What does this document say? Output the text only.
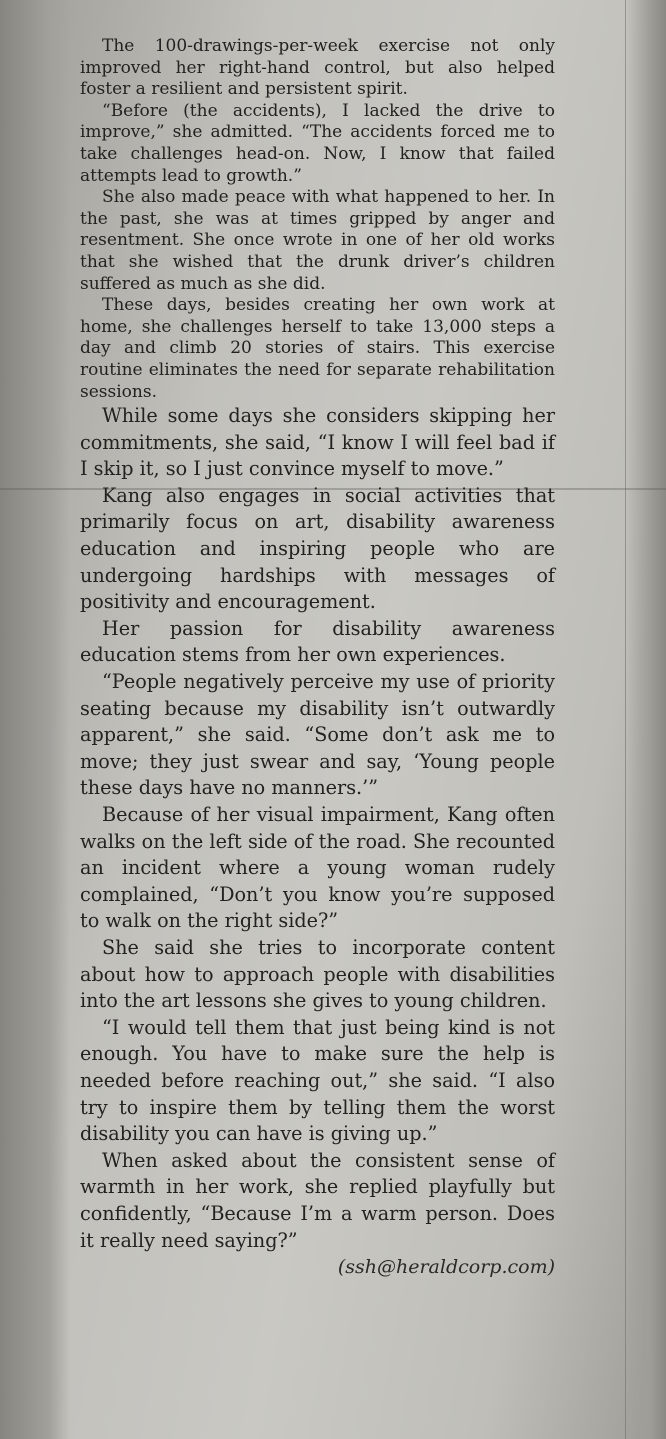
The 100-drawings-per-week exercise not only improved her right-hand control, but also helped foster a resilient and persistent spirit.

“Before (the accidents), I lacked the drive to improve,” she admitted. “The accidents forced me to take challenges head-on. Now, I know that failed attempts lead to growth.”

She also made peace with what happened to her. In the past, she was at times gripped by anger and resentment. She once wrote in one of her old works that she wished that the drunk driver’s children suffered as much as she did.

These days, besides creating her own work at home, she challenges herself to take 13,000 steps a day and climb 20 stories of stairs. This exercise routine eliminates the need for separate rehabilitation sessions.

While some days she considers skipping her commitments, she said, “I know I will feel bad if I skip it, so I just convince myself to move.”

Kang also engages in social activities that primarily focus on art, disability awareness education and inspiring people who are undergoing hardships with messages of positivity and encouragement.

Her passion for disability awareness education stems from her own experiences.

“People negatively perceive my use of priority seating because my disability isn’t outwardly apparent,” she said. “Some don’t ask me to move; they just swear and say, ‘Young people these days have no manners.’”

Because of her visual impairment, Kang often walks on the left side of the road. She recounted an incident where a young woman rudely complained, “Don’t you know you’re supposed to walk on the right side?”

She said she tries to incorporate content about how to approach people with disabilities into the art lessons she gives to young children.

“I would tell them that just being kind is not enough. You have to make sure the help is needed before reaching out,” she said. “I also try to inspire them by telling them the worst disability you can have is giving up.”

When asked about the consistent sense of warmth in her work, she replied playfully but confidently, “Because I’m a warm person. Does it really need saying?”

(ssh@heraldcorp.com)
